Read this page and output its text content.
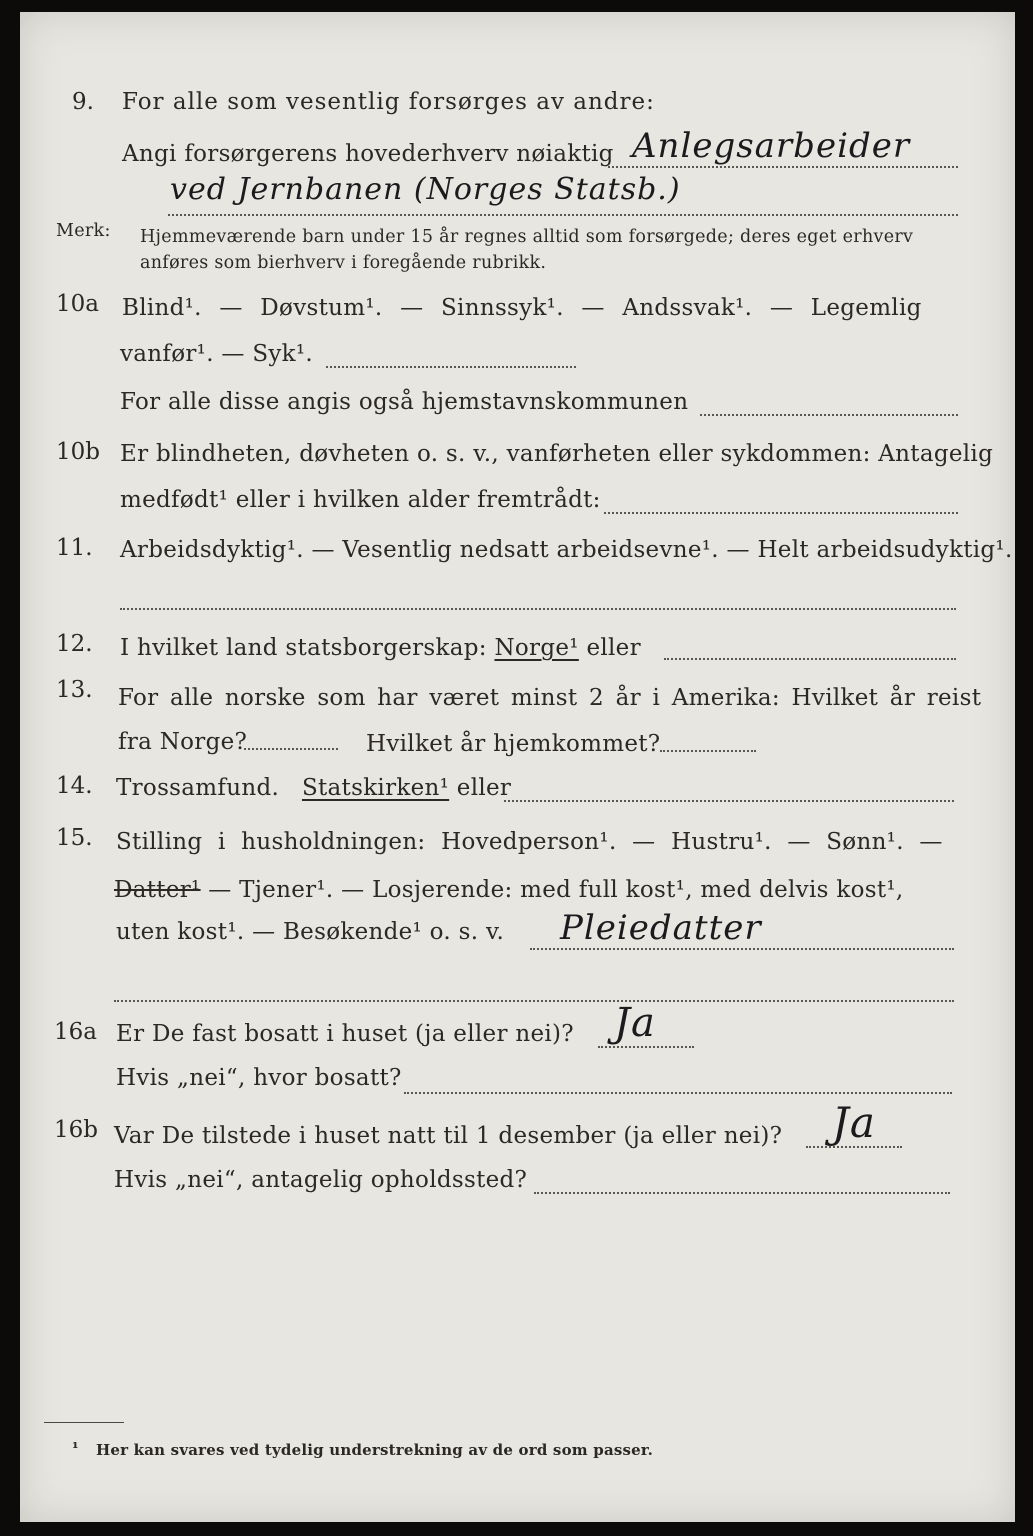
9. For alle som vesentlig forsørges av andre:
Angi forsørgerens hovederhverv nøiaktig Anlegsarbeider
ved Jernbanen (Norges Statsb.)
Merk: Hjemmeværende barn under 15 år regnes alltid som forsørgede; deres eget erhverv
anføres som bierhverv i foregående rubrikk.
10a Blind¹. — Døvstum¹. — Sinnssyk¹. — Andssvak¹. — Legemlig
vanfør¹. — Syk¹.
For alle disse angis også hjemstavnskommunen
10b Er blindheten, døvheten o. s. v., vanførheten eller sykdommen: Antagelig
medfødt¹ eller i hvilken alder fremtrådt:
11. Arbeidsdyktig¹. — Vesentlig nedsatt arbeidsevne¹. — Helt arbeidsudyktig¹.
12. I hvilket land statsborgerskap: Norge¹ eller
13. For alle norske som har været minst 2 år i Amerika: Hvilket år reist
fra Norge?	Hvilket år hjemkommet?
14. Trossamfund. Statskirken¹ eller
15. Stilling i husholdningen: Hovedperson¹. — Hustru¹. — Sønn¹. —
Datter¹ — Tjener¹. — Losjerende: med full kost¹, med delvis kost¹,
uten kost¹. — Besøkende¹ o. s. v. Pleiedatter
16a Er De fast bosatt i huset (ja eller nei)? Ja
Hvis „nei“, hvor bosatt?
16b Var De tilstede i huset natt til 1 desember (ja eller nei)? Ja
Hvis „nei“, antagelig opholdssted?
¹ Her kan svares ved tydelig understrekning av de ord som passer.
